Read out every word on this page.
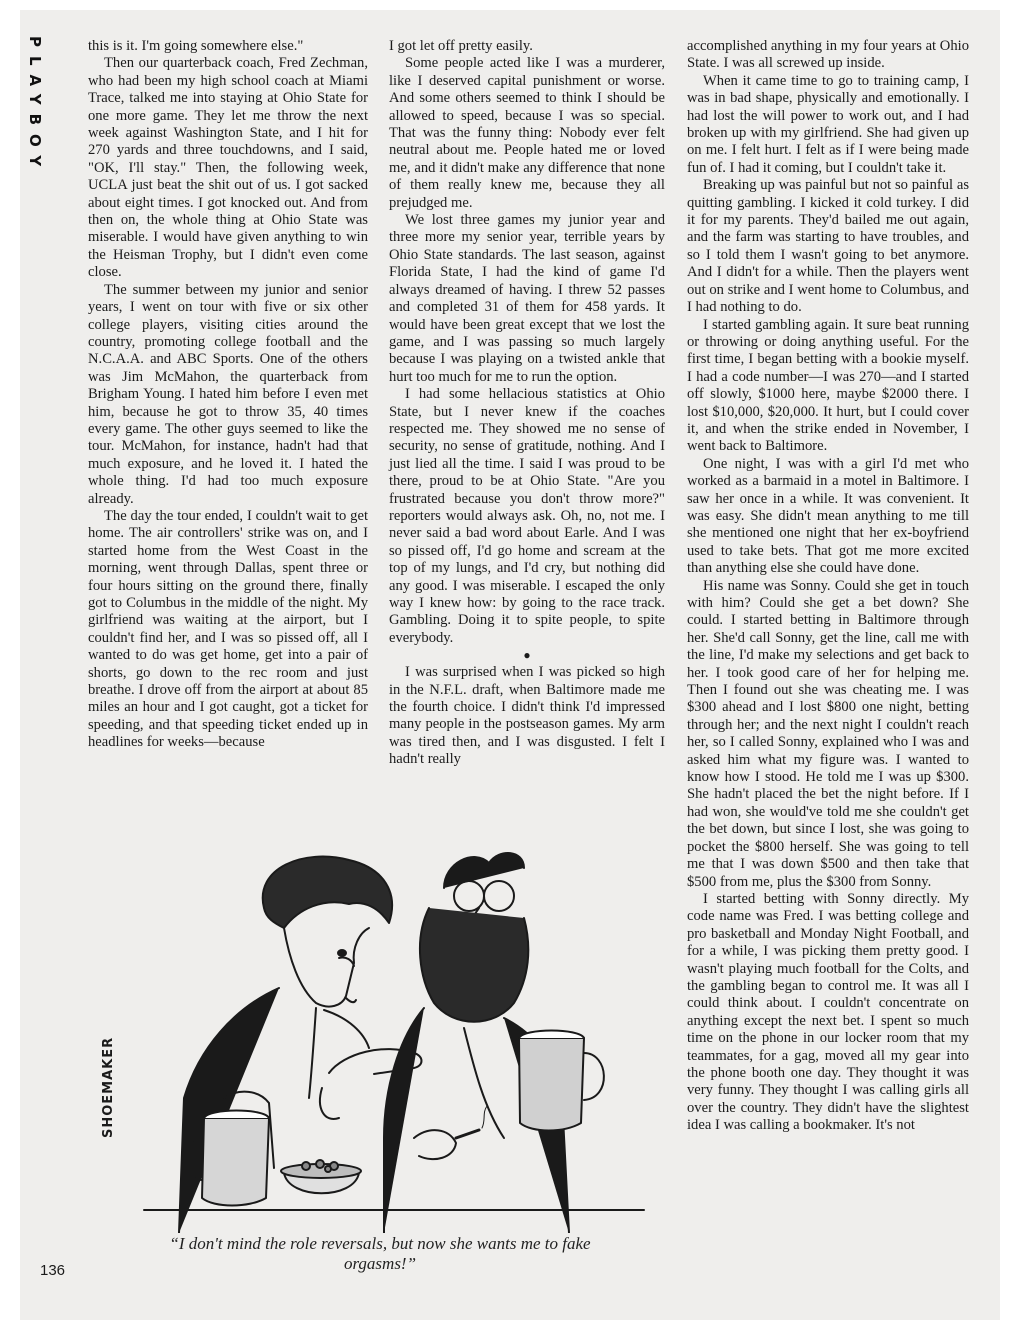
PLAYBOY	this is it. I'm going somewhere else."

Then our quarterback coach, Fred Zechman, who had been my high school coach at Miami Trace, talked me into staying at Ohio State for one more game. They let me throw the next week against Washington State, and I hit for 270 yards and three touchdowns, and I said, "OK, I'll stay." Then, the following week, UCLA just beat the shit out of us. I got sacked about eight times. I got knocked out. And from then on, the whole thing at Ohio State was miserable. I would have given anything to win the Heisman Trophy, but I didn't even come close.

The summer between my junior and senior years, I went on tour with five or six other college players, visiting cities around the country, promoting college football and the N.C.A.A. and ABC Sports. One of the others was Jim McMahon, the quarterback from Brigham Young. I hated him before I even met him, because he got to throw 35, 40 times every game. The other guys seemed to like the tour. McMahon, for instance, hadn't had that much exposure, and he loved it. I hated the whole thing. I'd had too much exposure already.

The day the tour ended, I couldn't wait to get home. The air controllers' strike was on, and I started home from the West Coast in the morning, went through Dallas, spent three or four hours sitting on the ground there, finally got to Columbus in the middle of the night. My girlfriend was waiting at the airport, but I couldn't find her, and I was so pissed off, all I wanted to do was get home, get into a pair of shorts, go down to the rec room and just breathe. I drove off from the airport at about 85 miles an hour and I got caught, got a ticket for speeding, and that speeding ticket ended up in headlines for weeks—because

I got let off pretty easily.

Some people acted like I was a murderer, like I deserved capital punishment or worse. And some others seemed to think I should be allowed to speed, because I was so special. That was the funny thing: Nobody ever felt neutral about me. People hated me or loved me, and it didn't make any difference that none of them really knew me, because they all prejudged me.

We lost three games my junior year and three more my senior year, terrible years by Ohio State standards. The last season, against Florida State, I had the kind of game I'd always dreamed of having. I threw 52 passes and completed 31 of them for 458 yards. It would have been great except that we lost the game, and I was passing so much largely because I was playing on a twisted ankle that hurt too much for me to run the option.

I had some hellacious statistics at Ohio State, but I never knew if the coaches respected me. They showed me no sense of security, no sense of gratitude, nothing. And I just lied all the time. I said I was proud to be there, proud to be at Ohio State. "Are you frustrated because you don't throw more?" reporters would always ask. Oh, no, not me. I never said a bad word about Earle. And I was so pissed off, I'd go home and scream at the top of my lungs, and I'd cry, but nothing did any good. I was miserable. I escaped the only way I knew how: by going to the race track. Gambling. Doing it to spite people, to spite everybody.

●

I was surprised when I was picked so high in the N.F.L. draft, when Baltimore made me the fourth choice. I didn't think I'd impressed many people in the postseason games. My arm was tired then, and I was disgusted. I felt I hadn't really

accomplished anything in my four years at Ohio State. I was all screwed up inside.

When it came time to go to training camp, I was in bad shape, physically and emotionally. I had lost the will power to work out, and I had broken up with my girlfriend. She had given up on me. I felt hurt. I felt as if I were being made fun of. I had it coming, but I couldn't take it.

Breaking up was painful but not so painful as quitting gambling. I kicked it cold turkey. I did it for my parents. They'd bailed me out again, and the farm was starting to have troubles, and so I told them I wasn't going to bet anymore. And I didn't for a while. Then the players went out on strike and I went home to Columbus, and I had nothing to do.

I started gambling again. It sure beat running or throwing or doing anything useful. For the first time, I began betting with a bookie myself. I had a code number—I was 270—and I started off slowly, $1000 here, maybe $2000 there. I lost $10,000, $20,000. It hurt, but I could cover it, and when the strike ended in November, I went back to Baltimore.

One night, I was with a girl I'd met who worked as a barmaid in a motel in Baltimore. I saw her once in a while. It was convenient. It was easy. She didn't mean anything to me till she mentioned one night that her ex-boyfriend used to take bets. That got me more excited than anything else she could have done.

His name was Sonny. Could she get in touch with him? Could she get a bet down? She could. I started betting in Baltimore through her. She'd call Sonny, get the line, call me with the line, I'd make my selections and get back to her. I took good care of her for helping me. Then I found out she was cheating me. I was $300 ahead and I lost $800 one night, betting through her; and the next night I couldn't reach her, so I called Sonny, explained who I was and asked him what my figure was. I wanted to know how I stood. He told me I was up $300. She hadn't placed the bet the night before. If I had won, she would've told me she couldn't get the bet down, but since I lost, she was going to pocket the $800 herself. She was going to tell me that I was down $500 and then take that $500 from me, plus the $300 from Sonny.

I started betting with Sonny directly. My code name was Fred. I was betting college and pro basketball and Monday Night Football, and for a while, I was picking them pretty good. I wasn't playing much football for the Colts, and the gambling began to control me. It was all I could think about. I couldn't concentrate on anything except the next bet. I spent so much time on the phone in our locker room that my teammates, for a gag, moved all my gear into the phone booth one day. They thought it was very funny. They thought I was calling girls all over the country. They didn't have the slightest idea I was calling a bookmaker. It's not

SHOEMAKER
“I don't mind the role reversals, but now she wants me to fake orgasms!”
136
